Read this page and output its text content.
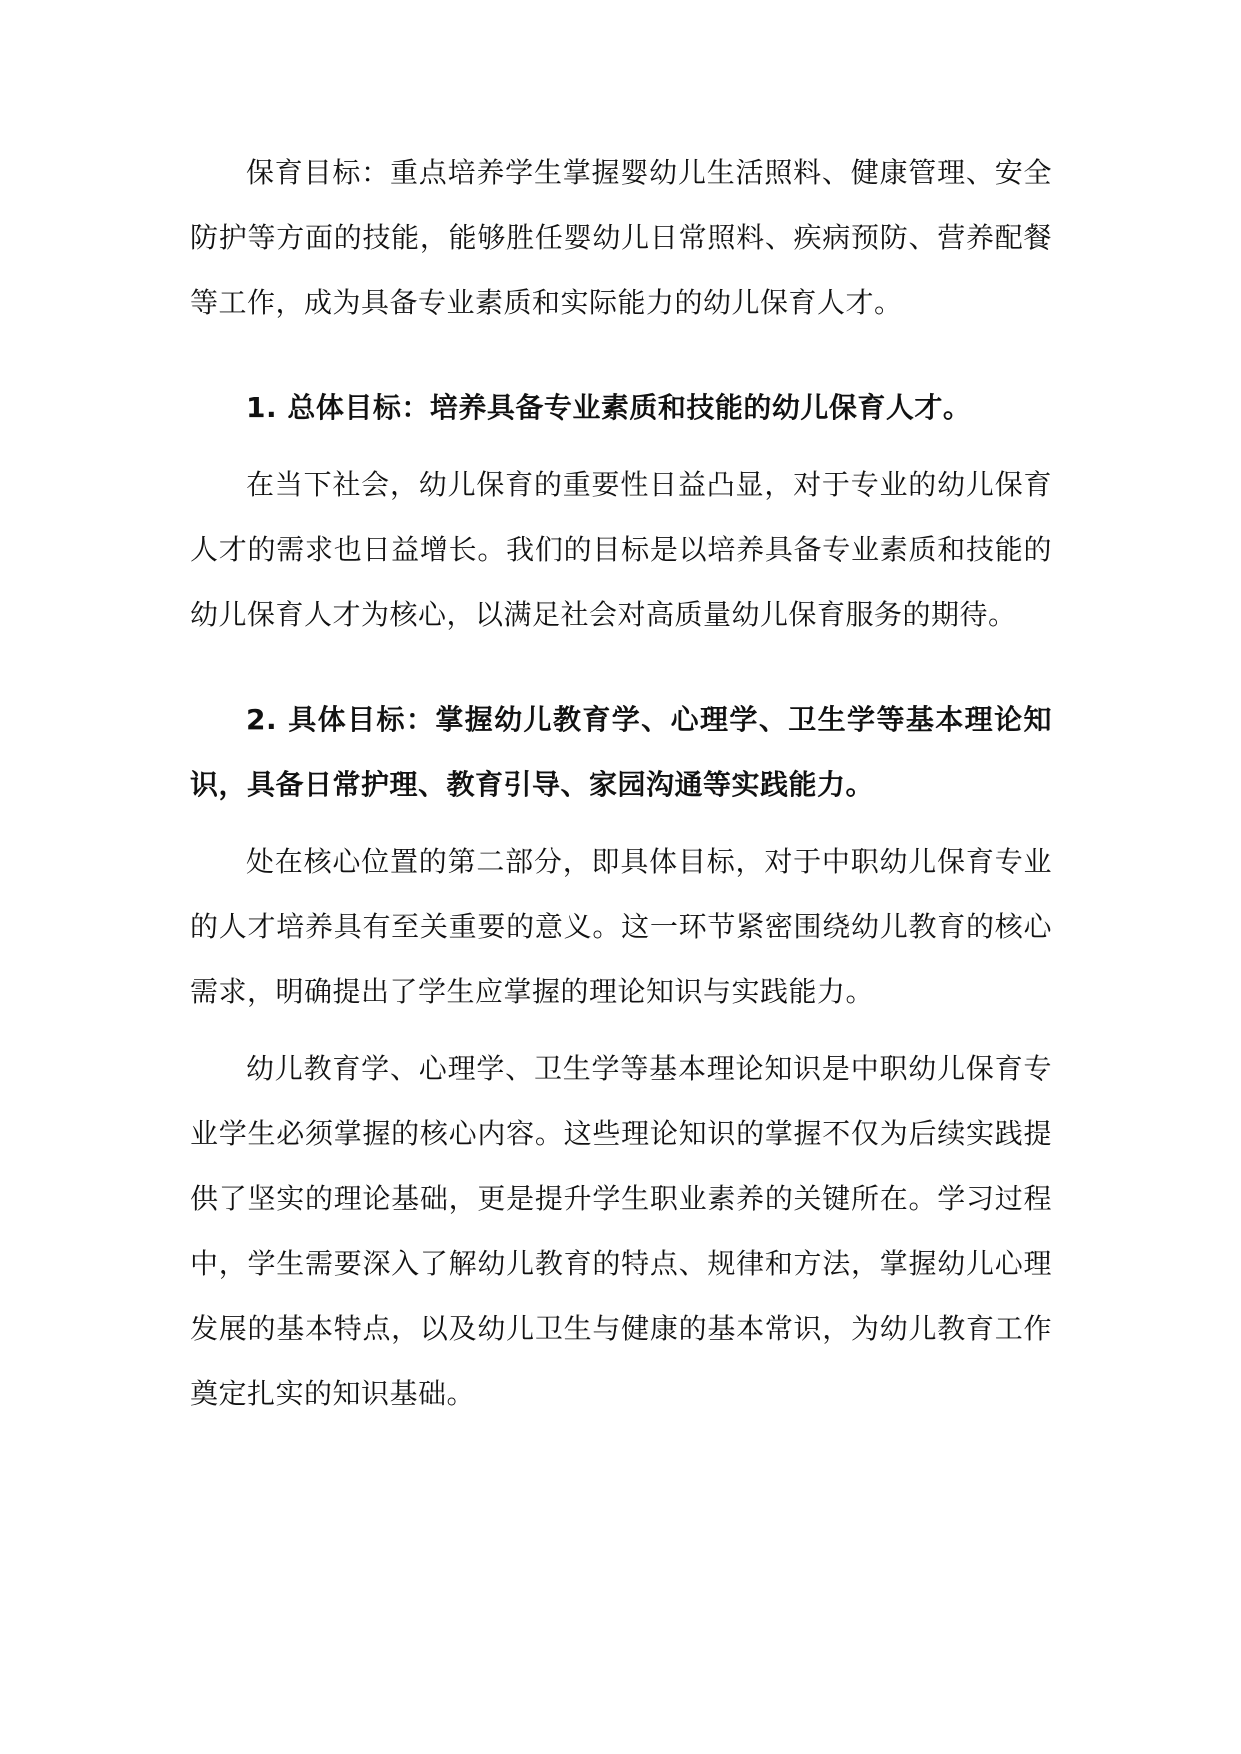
保育目标：重点培养学生掌握婴幼儿生活照料、健康管理、安全防护等方面的技能，能够胜任婴幼儿日常照料、疾病预防、营养配餐等工作，成为具备专业素质和实际能力的幼儿保育人才。

1. 总体目标：培养具备专业素质和技能的幼儿保育人才。

在当下社会，幼儿保育的重要性日益凸显，对于专业的幼儿保育人才的需求也日益增长。我们的目标是以培养具备专业素质和技能的幼儿保育人才为核心，以满足社会对高质量幼儿保育服务的期待。

2. 具体目标：掌握幼儿教育学、心理学、卫生学等基本理论知识，具备日常护理、教育引导、家园沟通等实践能力。

处在核心位置的第二部分，即具体目标，对于中职幼儿保育专业的人才培养具有至关重要的意义。这一环节紧密围绕幼儿教育的核心需求，明确提出了学生应掌握的理论知识与实践能力。

幼儿教育学、心理学、卫生学等基本理论知识是中职幼儿保育专业学生必须掌握的核心内容。这些理论知识的掌握不仅为后续实践提供了坚实的理论基础，更是提升学生职业素养的关键所在。学习过程中，学生需要深入了解幼儿教育的特点、规律和方法，掌握幼儿心理发展的基本特点，以及幼儿卫生与健康的基本常识，为幼儿教育工作奠定扎实的知识基础。
